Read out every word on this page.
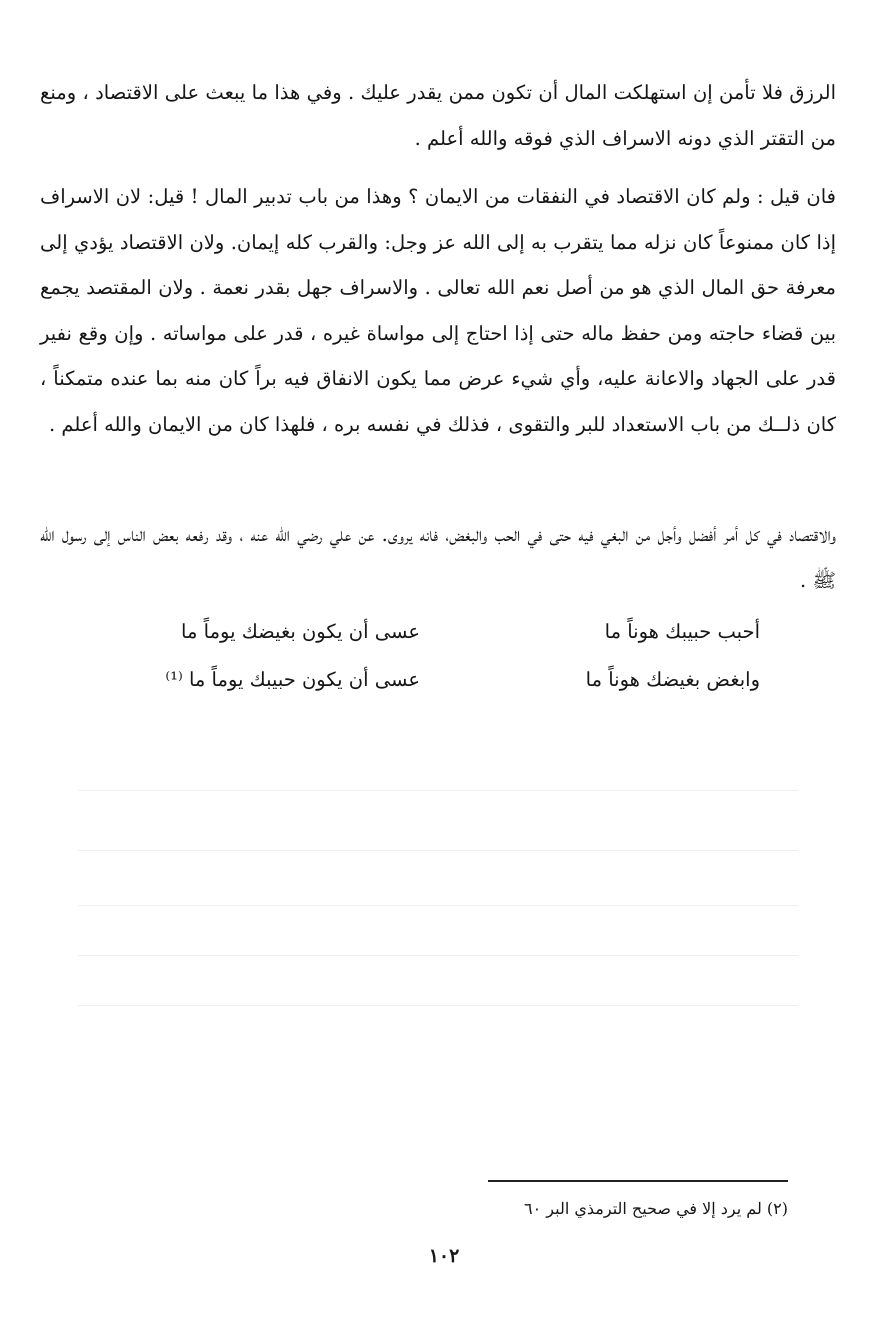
الرزق فلا تأمن إن استهلكت المال أن تكون ممن يقدر عليك . وفي هذا ما يبعث على الاقتصاد ، ومنع من التقتر الذي دونه الاسراف الذي فوقه والله أعلم .

فان قيل : ولم كان الاقتصاد في النفقات من الايمان ؟ وهذا من باب تدبير المال ! قيل: لان الاسراف إذا كان ممنوعاً كان نزله مما يتقرب به إلى الله عز وجل: والقرب كله إيمان. ولان الاقتصاد يؤدي إلى معرفة حق المال الذي هو من أصل نعم الله تعالى . والاسراف جهل بقدر نعمة . ولان المقتصد يجمع بين قضاء حاجته ومن حفظ ماله حتى إذا احتاج إلى مواساة غيره ، قدر على مواساته . وإن وقع نفير قدر على الجهاد والاعانة عليه، وأي شيء عرض مما يكون الانفاق فيه براً كان منه بما عنده متمكناً ، كان ذلــك من باب الاستعداد للبر والتقوى ، فذلك في نفسه بره ، فلهذا كان من الايمان والله أعلم .

والاقتصاد في كل أمر أفضل وأجل من البغي فيه حتى في الحب والبغض، فانه يروى. عن علي رضي الله عنه ، وقد رفعه بعض الناس إلى رسول الله ﷺ .

أحبب حبيبك هوناً ما
عسى أن يكون بغيضك يوماً ما
وابغض بغيضك هوناً ما
عسى أن يكون حبيبك يوماً ما ⁽¹⁾
(٢) لم يرد إلا في صحيح الترمذي البر ٦٠
١٠٢
